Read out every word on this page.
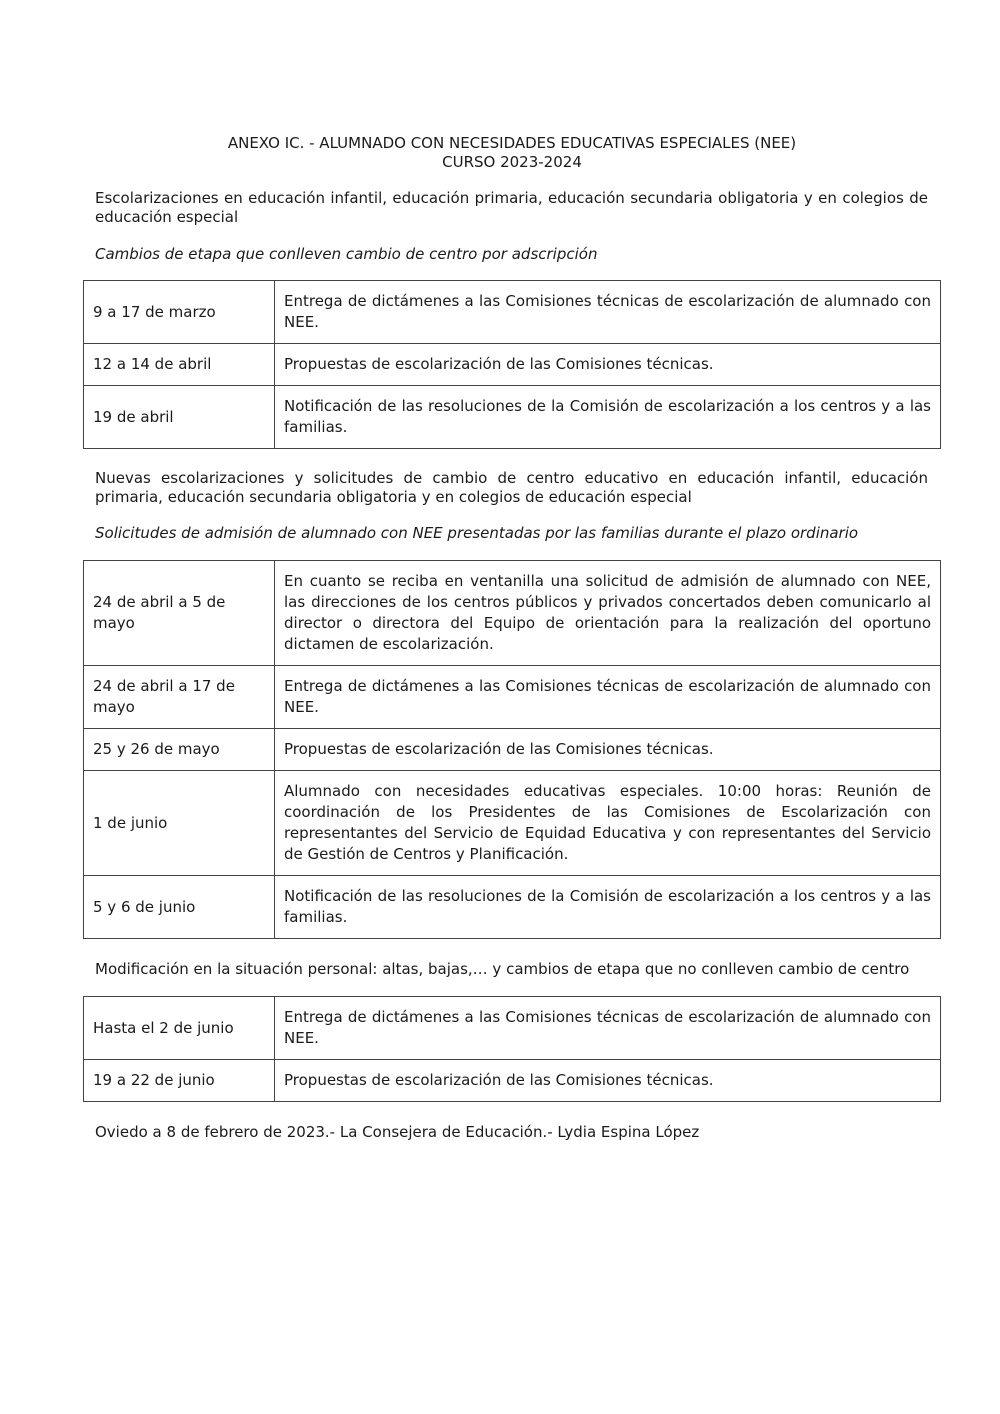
ANEXO IC. - ALUMNADO CON NECESIDADES EDUCATIVAS ESPECIALES (NEE)
CURSO 2023-2024
Escolarizaciones en educación infantil, educación primaria, educación secundaria obligatoria y en colegios de educación especial
Cambios de etapa que conlleven cambio de centro por adscripción
9 a 17 de marzo	Entrega de dictámenes a las Comisiones técnicas de escolarización de alumnado con NEE.
12 a 14 de abril	Propuestas de escolarización de las Comisiones técnicas.
19 de abril	Notificación de las resoluciones de la Comisión de escolarización a los centros y a las familias.
Nuevas escolarizaciones y solicitudes de cambio de centro educativo en educación infantil, educación primaria, educación secundaria obligatoria y en colegios de educación especial
Solicitudes de admisión de alumnado con NEE presentadas por las familias durante el plazo ordinario
24 de abril a 5 de mayo	En cuanto se reciba en ventanilla una solicitud de admisión de alumnado con NEE, las direcciones de los centros públicos y privados concertados deben comunicarlo al director o directora del Equipo de orientación para la realización del oportuno dictamen de escolarización.
24 de abril a 17 de mayo	Entrega de dictámenes a las Comisiones técnicas de escolarización de alumnado con NEE.
25 y 26 de mayo	Propuestas de escolarización de las Comisiones técnicas.
1 de junio	Alumnado con necesidades educativas especiales. 10:00 horas: Reunión de coordinación de los Presidentes de las Comisiones de Escolarización con representantes del Servicio de Equidad Educativa y con representantes del Servicio de Gestión de Centros y Planificación.
5 y 6 de junio	Notificación de las resoluciones de la Comisión de escolarización a los centros y a las familias.
Modificación en la situación personal: altas, bajas,… y cambios de etapa que no conlleven cambio de centro
Hasta el 2 de junio	Entrega de dictámenes a las Comisiones técnicas de escolarización de alumnado con NEE.
19 a 22 de junio	Propuestas de escolarización de las Comisiones técnicas.
Oviedo a 8 de febrero de 2023.- La Consejera de Educación.- Lydia Espina López
